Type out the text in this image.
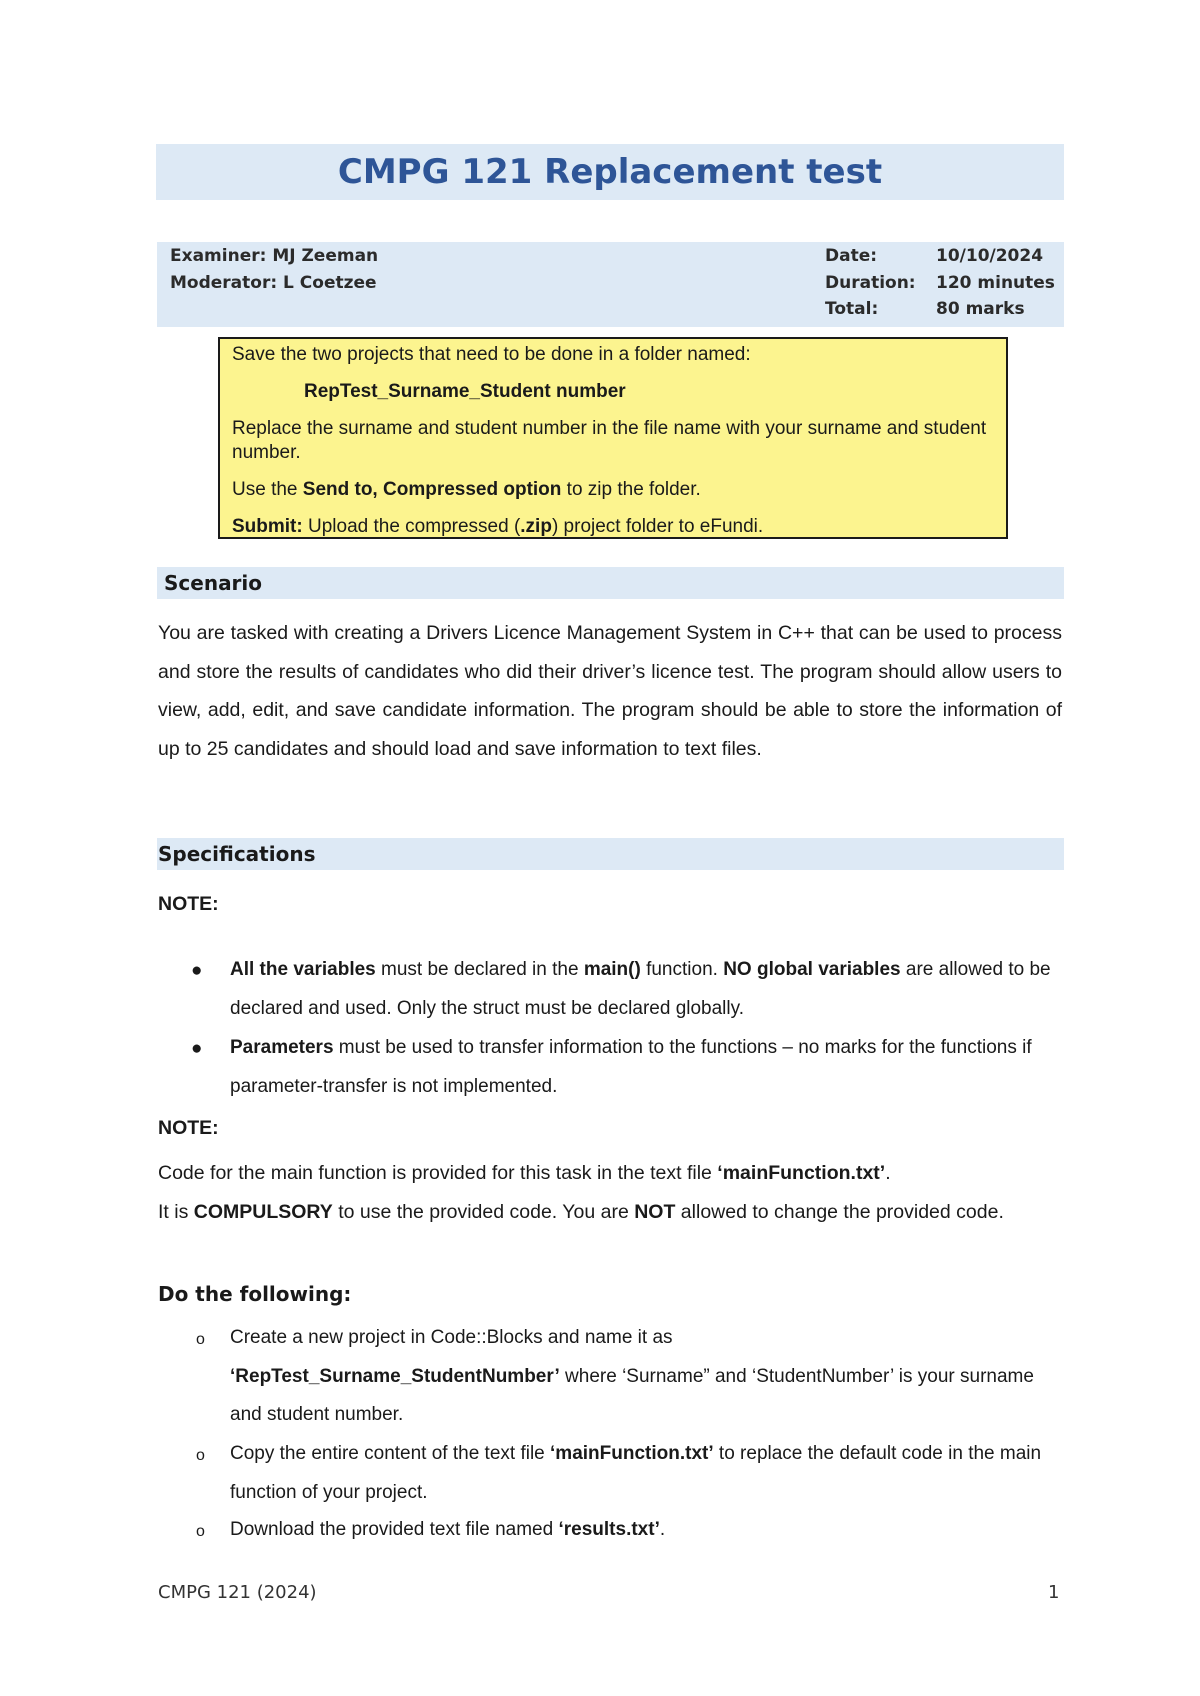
CMPG 121 Replacement test
Examiner: MJ Zeeman
Moderator: L Coetzee
Date:	10/10/2024
Duration: 120 minutes
Total:	80 marks

Save the two projects that need to be done in a folder named:

RepTest_Surname_Student number

Replace the surname and student number in the file name with your surname and student number.

Use the Send to, Compressed option to zip the folder.

Submit: Upload the compressed (.zip) project folder to eFundi.

Scenario
You are tasked with creating a Drivers Licence Management System in C++ that can be used to process and store the results of candidates who did their driver’s licence test. The program should allow users to view, add, edit, and save candidate information. The program should be able to store the information of up to 25 candidates and should load and save information to text files.
Specifications
NOTE:
● All the variables must be declared in the main() function. NO global variables are allowed to be declared and used. Only the struct must be declared globally.
● Parameters must be used to transfer information to the functions – no marks for the functions if parameter-transfer is not implemented.
NOTE:
Code for the main function is provided for this task in the text file ‘mainFunction.txt’.
It is COMPULSORY to use the provided code. You are NOT allowed to change the provided code.
Do the following:
o Create a new project in Code::Blocks and name it as
‘RepTest_Surname_StudentNumber’ where ‘Surname” and ‘StudentNumber’ is your surname and student number.
o Copy the entire content of the text file ‘mainFunction.txt’ to replace the default code in the main function of your project.
o Download the provided text file named ‘results.txt’.
CMPG 121 (2024)	1
